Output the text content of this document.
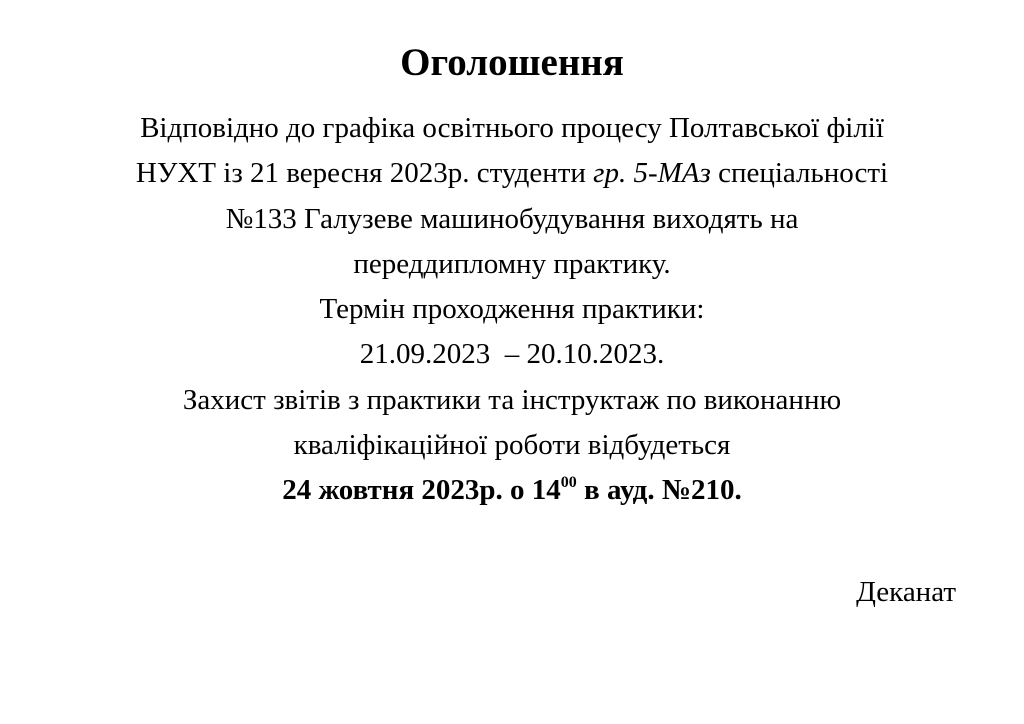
Оголошення
Відповідно до графіка освітнього процесу Полтавської філії
НУХТ із 21 вересня 2023р. студенти гр. 5-МАз спеціальності
№133 Галузеве машинобудування виходять на
переддипломну практику.
Термін проходження практики:
21.09.2023  – 20.10.2023.
Захист звітів з практики та інструктаж по виконанню
кваліфікаційної роботи відбудеться
24 жовтня 2023р. о $14^{00}$ в ауд. №210.
Деканат
